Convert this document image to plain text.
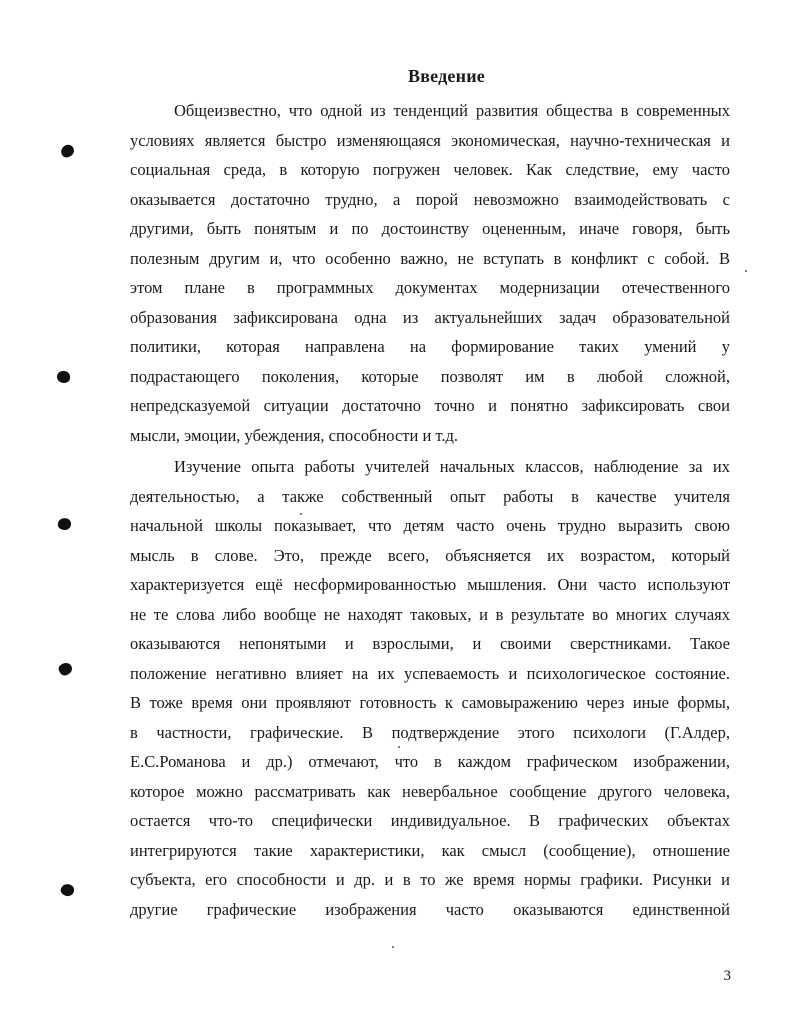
Введение
Общеизвестно, что одной из тенденций развития общества в современных
условиях является быстро изменяющаяся экономическая, научно-техническая и
социальная среда, в которую погружен человек. Как следствие, ему часто
оказывается достаточно трудно, а порой невозможно взаимодействовать с
другими, быть понятым и по достоинству оцененным, иначе говоря, быть
полезным другим и, что особенно важно, не вступать в конфликт с собой. В
этом плане в программных документах модернизации отечественного
образования зафиксирована одна из актуальнейших задач образовательной
политики, которая направлена на формирование таких умений у
подрастающего поколения, которые позволят им в любой сложной,
непредсказуемой ситуации достаточно точно и понятно зафиксировать свои
мысли, эмоции, убеждения, способности и т.д.
Изучение опыта работы учителей начальных классов, наблюдение за их
деятельностью, а также собственный опыт работы в качестве учителя
начальной школы показывает, что детям часто очень трудно выразить свою
мысль в слове. Это, прежде всего, объясняется их возрастом, который
характеризуется ещё несформированностью мышления. Они часто используют
не те слова либо вообще не находят таковых, и в результате во многих случаях
оказываются непонятыми и взрослыми, и своими сверстниками. Такое
положение негативно влияет на их успеваемость и психологическое состояние.
В тоже время они проявляют готовность к самовыражению через иные формы,
в частности, графические. В подтверждение этого психологи (Г.Алдер,
Е.С.Романова и др.) отмечают, что в каждом графическом изображении,
которое можно рассматривать как невербальное сообщение другого человека,
остается что-то специфически индивидуальное. В графических объектах
интегрируются такие характеристики, как смысл (сообщение), отношение
субъекта, его способности и др. и в то же время нормы графики. Рисунки и
другие графические изображения часто оказываются единственной
3
